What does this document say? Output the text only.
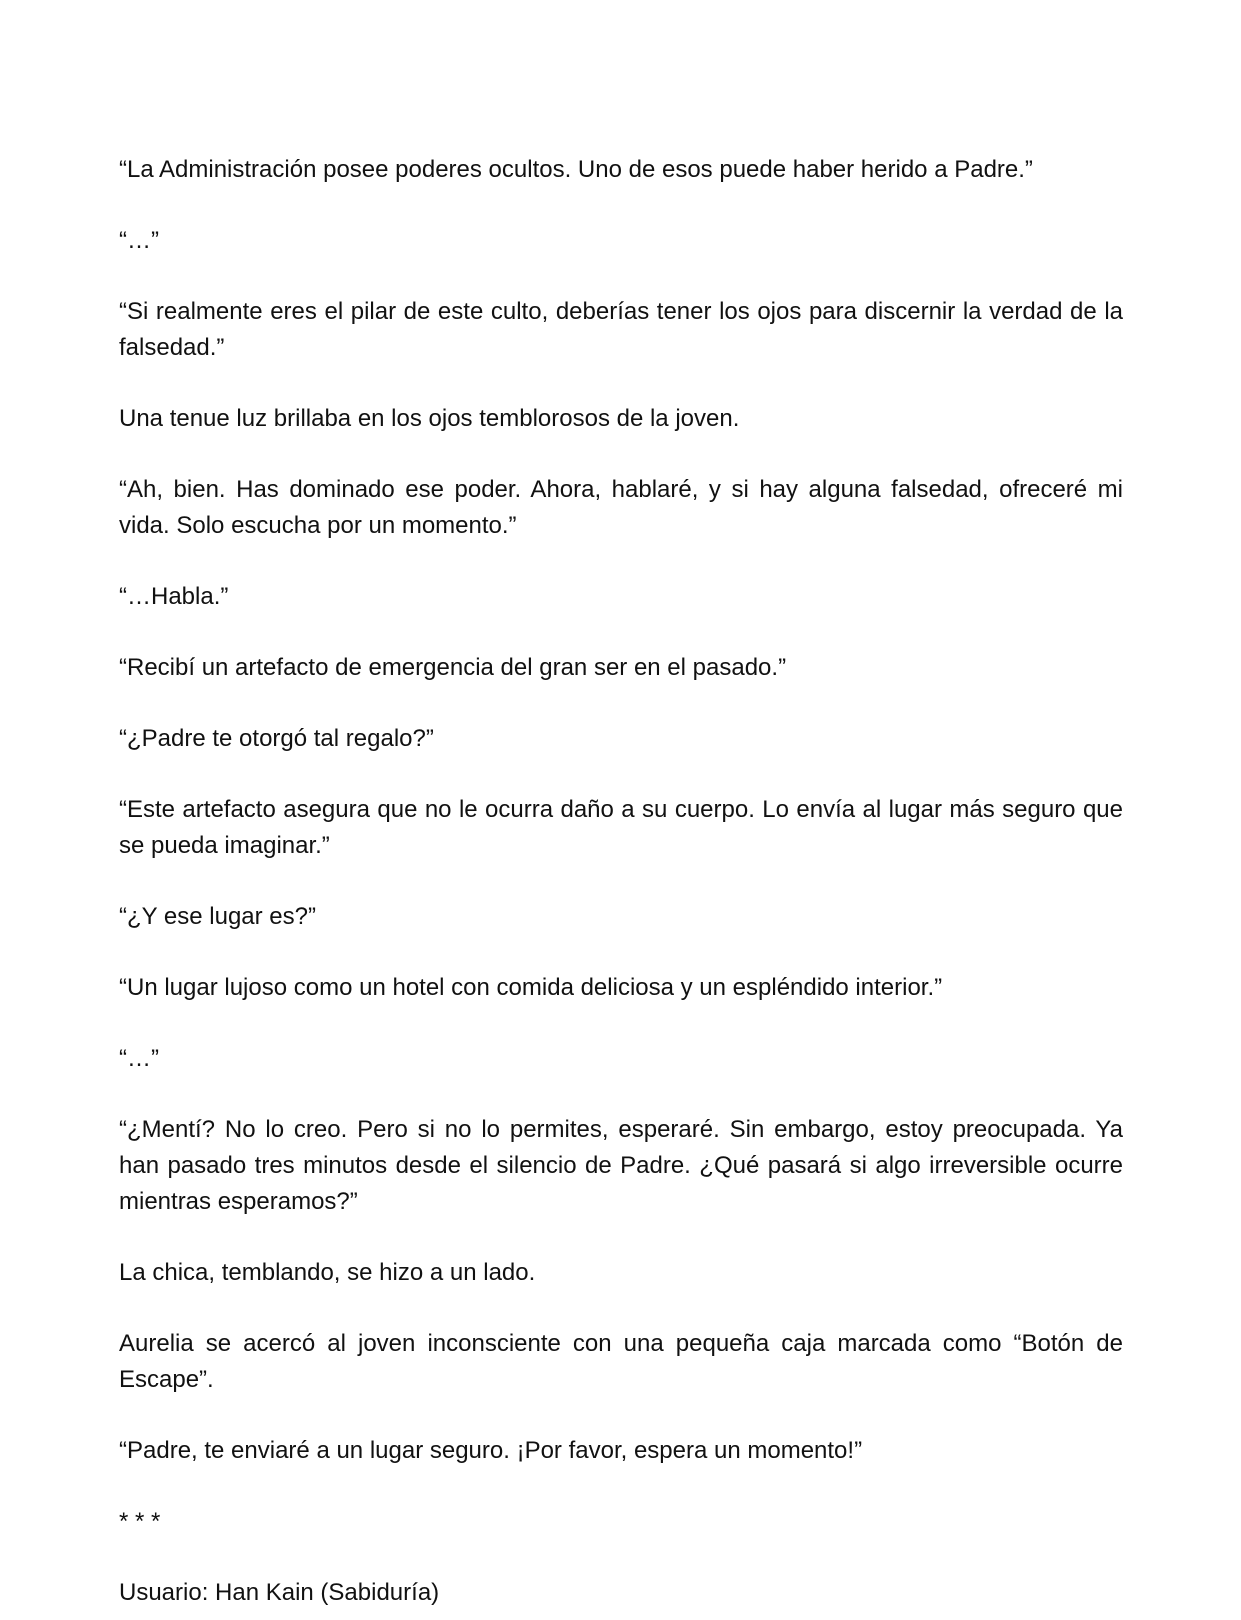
“La Administración posee poderes ocultos. Uno de esos puede haber herido a Padre.”

“…”

“Si realmente eres el pilar de este culto, deberías tener los ojos para discernir la verdad de la falsedad.”

Una tenue luz brillaba en los ojos temblorosos de la joven.

“Ah, bien. Has dominado ese poder. Ahora, hablaré, y si hay alguna falsedad, ofreceré mi vida. Solo escucha por un momento.”

“…Habla.”

“Recibí un artefacto de emergencia del gran ser en el pasado.”

“¿Padre te otorgó tal regalo?”

“Este artefacto asegura que no le ocurra daño a su cuerpo. Lo envía al lugar más seguro que se pueda imaginar.”

“¿Y ese lugar es?”

“Un lugar lujoso como un hotel con comida deliciosa y un espléndido interior.”

“…”

“¿Mentí? No lo creo. Pero si no lo permites, esperaré. Sin embargo, estoy preocupada. Ya han pasado tres minutos desde el silencio de Padre. ¿Qué pasará si algo irreversible ocurre mientras esperamos?”

La chica, temblando, se hizo a un lado.

Aurelia se acercó al joven inconsciente con una pequeña caja marcada como “Botón de Escape”.

“Padre, te enviaré a un lugar seguro. ¡Por favor, espera un momento!”

* * *

Usuario: Han Kain (Sabiduría)
